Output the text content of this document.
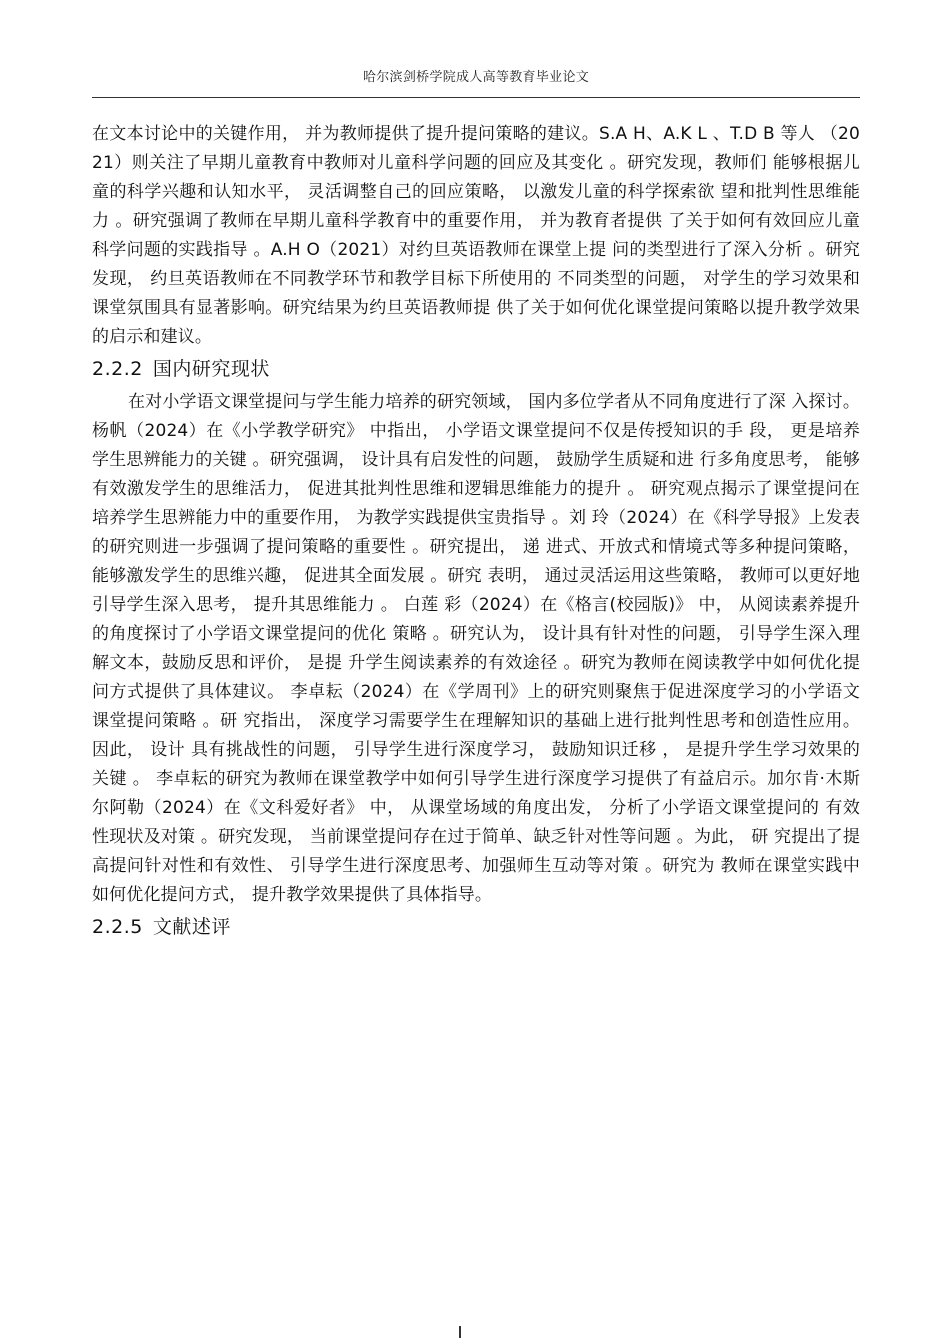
哈尔滨剑桥学院成人高等教育毕业论文

在文本讨论中的关键作用， 并为教师提供了提升提问策略的建议。S.A H、A.K L 、T.D B 等人 （2021）则关注了早期儿童教育中教师对儿童科学问题的回应及其变化 。研究发现，教师们 能够根据儿童的科学兴趣和认知水平， 灵活调整自己的回应策略， 以激发儿童的科学探索欲 望和批判性思维能力 。研究强调了教师在早期儿童科学教育中的重要作用， 并为教育者提供 了关于如何有效回应儿童科学问题的实践指导 。A.H O（2021）对约旦英语教师在课堂上提 问的类型进行了深入分析 。研究发现， 约旦英语教师在不同教学环节和教学目标下所使用的 不同类型的问题， 对学生的学习效果和课堂氛围具有显著影响。研究结果为约旦英语教师提 供了关于如何优化课堂提问策略以提升教学效果的启示和建议。

2.2.2 国内研究现状

在对小学语文课堂提问与学生能力培养的研究领域， 国内多位学者从不同角度进行了深 入探讨。杨帆（2024）在《小学教学研究》 中指出， 小学语文课堂提问不仅是传授知识的手 段， 更是培养学生思辨能力的关键 。研究强调， 设计具有启发性的问题， 鼓励学生质疑和进 行多角度思考， 能够有效激发学生的思维活力， 促进其批判性思维和逻辑思维能力的提升 。 研究观点揭示了课堂提问在培养学生思辨能力中的重要作用， 为教学实践提供宝贵指导 。刘 玲（2024）在《科学导报》上发表的研究则进一步强调了提问策略的重要性 。研究提出， 递 进式、开放式和情境式等多种提问策略， 能够激发学生的思维兴趣， 促进其全面发展 。研究 表明， 通过灵活运用这些策略， 教师可以更好地引导学生深入思考， 提升其思维能力 。 白莲 彩（2024）在《格言(校园版)》 中， 从阅读素养提升的角度探讨了小学语文课堂提问的优化 策略 。研究认为， 设计具有针对性的问题， 引导学生深入理解文本，鼓励反思和评价， 是提 升学生阅读素养的有效途径 。研究为教师在阅读教学中如何优化提问方式提供了具体建议。 李卓耘（2024）在《学周刊》上的研究则聚焦于促进深度学习的小学语文课堂提问策略 。研 究指出， 深度学习需要学生在理解知识的基础上进行批判性思考和创造性应用。因此， 设计 具有挑战性的问题， 引导学生进行深度学习， 鼓励知识迁移 ， 是提升学生学习效果的关键 。 李卓耘的研究为教师在课堂教学中如何引导学生进行深度学习提供了有益启示。加尔肯·木斯 尔阿勒（2024）在《文科爱好者》 中， 从课堂场域的角度出发， 分析了小学语文课堂提问的 有效性现状及对策 。研究发现， 当前课堂提问存在过于简单、缺乏针对性等问题 。为此， 研 究提出了提高提问针对性和有效性、 引导学生进行深度思考、加强师生互动等对策 。研究为 教师在课堂实践中如何优化提问方式， 提升教学效果提供了具体指导。

2.2.5 文献述评
